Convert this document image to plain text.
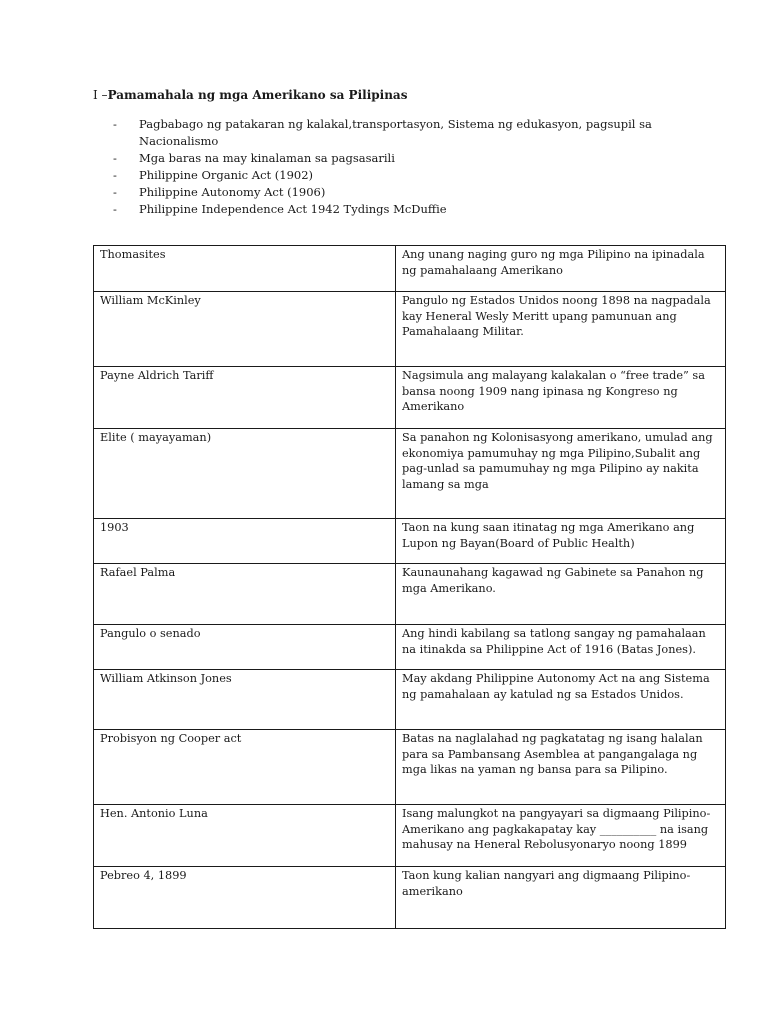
I –Pamamahala ng mga Amerikano sa Pilipinas
- Pagbabago ng patakaran ng kalakal,transportasyon, Sistema ng edukasyon, pagsupil sa Nacionalismo
- Mga baras na may kinalaman sa pagsasarili
- Philippine Organic Act (1902)
- Philippine Autonomy Act (1906)
- Philippine Independence Act 1942 Tydings McDuffie
Thomasites	Ang unang naging guro ng mga Pilipino na ipinadala ng pamahalaang Amerikano
William McKinley	Pangulo ng Estados Unidos noong 1898 na nagpadala kay Heneral Wesly Meritt upang pamunuan ang Pamahalaang Militar.
Payne Aldrich Tariff	Nagsimula ang malayang kalakalan o “free trade” sa bansa noong 1909 nang ipinasa ng Kongreso ng Amerikano
Elite ( mayayaman)	Sa panahon ng Kolonisasyong amerikano, umulad ang ekonomiya pamumuhay ng mga Pilipino,Subalit ang pag-unlad sa pamumuhay ng mga Pilipino ay nakita lamang sa mga
1903	Taon na kung saan itinatag ng mga Amerikano ang Lupon ng Bayan(Board of Public Health)
Rafael Palma	Kaunaunahang kagawad ng Gabinete sa Panahon ng mga Amerikano.
Pangulo o senado	Ang hindi kabilang sa tatlong sangay ng pamahalaan na itinakda sa Philippine Act of 1916 (Batas Jones).
William Atkinson Jones	May akdang Philippine Autonomy Act na ang Sistema ng pamahalaan ay katulad ng sa Estados Unidos.
Probisyon ng Cooper act	Batas na naglalahad ng pagkatatag ng isang halalan para sa Pambansang Asemblea at pangangalaga ng mga likas na yaman ng bansa para sa Pilipino.
Hen. Antonio Luna	Isang malungkot na pangyayari sa digmaang Pilipino-Amerikano ang pagkakapatay kay __________ na isang mahusay na Heneral Rebolusyonaryo noong 1899
Pebreo 4, 1899	Taon kung kalian nangyari ang digmaang Pilipino-amerikano
